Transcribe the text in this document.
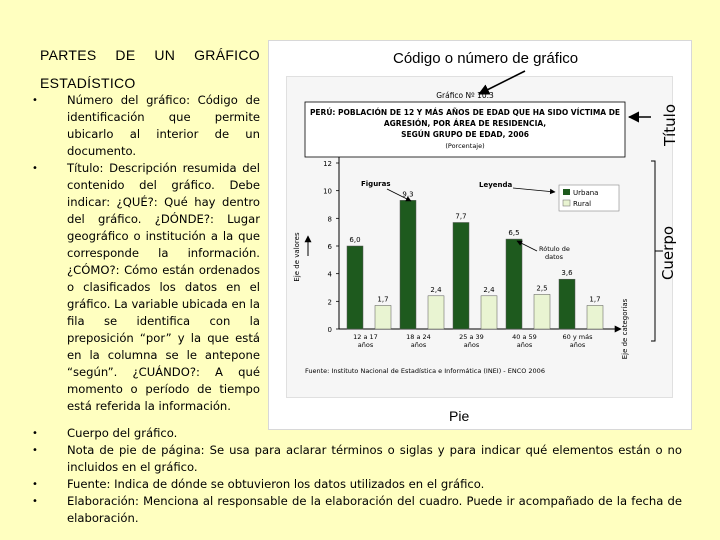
PARTES DE UN GRÁFICO
ESTADÍSTICO
• Número del gráfico: Código de identificación que permite ubicarlo al interior de un documento.
• Título: Descripción resumida del contenido del gráfico. Debe indicar: ¿QUÉ?: Qué hay dentro del gráfico. ¿DÓNDE?: Lugar geográfico o institución a la que corresponde la información. ¿CÓMO?: Cómo están ordenados o clasificados los datos en el gráfico. La variable ubicada en la fila se identifica con la preposición “por” y la que está en la columna se le antepone “según”. ¿CUÁNDO?: A qué momento o período de tiempo está referida la información.
• Cuerpo del gráfico.
• Nota de pie de página: Se usa para aclarar términos o siglas y para indicar qué elementos están o no incluidos en el gráfico.
• Fuente: Indica de dónde se obtuvieron los datos utilizados en el gráfico.
• Elaboración: Menciona al responsable de la elaboración del cuadro. Puede ir acompañado de la fecha de elaboración.
Código o número de gráfico
Pie
Gráfico Nº 10.3
PERÚ: POBLACIÓN DE 12 Y MÁS AÑOS DE EDAD QUE HA SIDO VÍCTIMA DE
AGRESIÓN, POR ÁREA DE RESIDENCIA,
SEGÚN GRUPO DE EDAD, 2006
(Porcentaje)	Título
Cuerpo
Eje de valores
Eje de categorías
0
2
4
6
8
10
12
6,0
1,7
12 a 17
años
9,3
2,4
18 a 24
años
7,7
2,4
25 a 39
años
6,5
2,5
40 a 59
años
3,6
1,7
60 y más
años
Figuras	Leyenda
Rótulo de
datos
Urbana
Rural
Fuente: Instituto Nacional de Estadística e Informática (INEI) - ENCO 2006
